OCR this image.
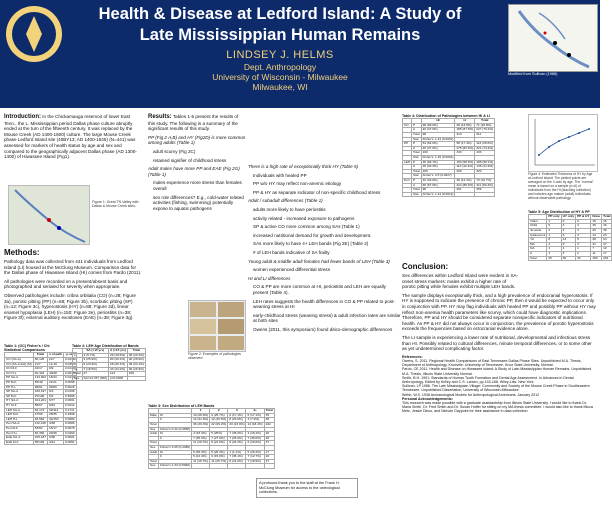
Health & Disease at Ledford Island: A Study of Late Mississippian Human Remains
LINDSEY J. HELMS
Dept. Anthropology
University of Wisconsin - Milwaukee
Milwaukee, WI
Modified from Sullivan (1986)

Introduction: In the Chickamauga reservoir of lower East Tenn., the L. Mississippian period Dallas phase culture abruptly ended at the turn of the fifteenth century. It was replaced by the Mouse Creek (AD 1400-1600) culture. The large Mouse Creek phase Ledford Island site (40BY13; AD 1400-1545) (N=441) was assessed for markers of health status by age and sex and compared to the geographically adjacent Dallas phase (AD 1300-1400) of Hiwassee Island (Fig1).

Figure 1: Great TN Valley with Dallas & Mouse Creek sites.
Methods:

Pathology data was collected from 441 individuals from Ledford Island (LI) housed at the McClung Museum. Comparison data for the Dallas phase of Hiwassee Island (HI) comes from Pardo (2011).

All pathologies were recorded on a present/absent basis and photographed and serialed for severity when appropriate.

Observed pathologies include: cribra orbitalia (CO) (n=28; Figure 3a), porotic pitting (PP) (n=58; Figure 3b), scorbutic pitting (SP) (n=12; Figure 3c), hyperostosis (HY) (n=88; Figure 3d), linear enamel hypoplasia (LEH) (n=150; Figure 3e), periostitis (n=38; Figure 3f); external auditory exostoses (EAE) (n=38; Figure 3g).

Table 1: (OC) Fisher's / Chi Statistical Comparisons
	Total	n of path	p-val
CO (SA-A)	60,126	11/7	0.0241
CO (SA-A dist) (M)	11/7	12-16	0.0357
CO M-F	42/17	9/9	0.0134
CO H-L	40,418	40/48	0.0045
PP SA-A	134,603	16/43	0.0448
PP M-F	55/48	21/21	0.0058
PP H-L	96/81	94/80	0.0029
SP SA-A	100,197	9/3	0.0196
SP M-F	97/100	0/2	0.6968
HY SA-A	104,201	6/77	0.0001
HY M-F	58/67	9/44	0.0214
LEH SA-A	62,173	32/114	0.1711
LEH M-F	47/65	28/35	0.1898
LEH H-L	83,563	42/150	0.0680
Peri SA-A	110,138	4/38	0.0086
Peri M-F	53/82	15/17	0.0678
Peri H-L	66,352	20/38	0.0460
EAE SA-A	105,187	0/38	0.0001
EAE M-F	55/102	4/21	0.0651
Table 2: LEH Age Distribution of Bands
	SA (<15 yrs)	A (>15 yrs)	Total
1	2 (5.7%)	29 (18.6%)	36 (20.4%)
2	9 (25.9%)	80 (29.1%)	46 (28.9%)
3	9 (23.9%)	28 (25.1%)	39 (24.1%)
4+	7 (18.5%)	43 (23.2%)	30 (26.9%)
Total	37	113	150
Sex	SA=14.787 (000)	p=0.0008	

Results: Tables 1-5 present the results of this study. The following is a summary of the significant results of this study.

PP (Fig 2 A,B) and HY (Fig2D) is more common among adults (Table 1)

adult scurvy (Fig 2C)

retained signifier of childhood stress

Adult males have more PP and EAE (Fig 2G) (Table 1)

males experience more stress than females overall

sex role differences? E.g., cold-water related activities (fishing, swimming) potentially expose to aquatic pathogens

There is a high rate of exceptionally thick HY (Table 5)

Individuals with healed PP

PP w/o HY may reflect non-anemic etiology

PP & HY as separate indicator of non-specific childhood stress

Adult / subadult differences (Table 1)

adults more likely to have periostitis

activity related - increased exposure to pathogens

SP & active CO more common among SAs (Table 1)

increased nutritional demand for growth and development.

SAs more likely to have 4+ LEH bands (Fig 2E) (Table 2)

# of LEH bands indicative of SA frailty

Young adult & middle adult females had fewer bands of LEH (Table 3)

women experienced differential stress

HI and LI differences

CO & PP are more common at HI, periostitis and LEH are equally present (Table 4).

LEH rates suggests the health differences in CO & PP related to post-weaning stress at HI

early-childhood stress (weaning stress) & adult infection rates are similar at both sites

Owens (2011, this symposium) found ditico-demographic differences

Figure 2: Examples of pathologies observed
Table 3: Sex Distribution of LEH Bands
		1	2	3	4+	Total
Male	M	10 (28.6%)	9 (25.7%)	6 (17.1%)	6 (17.1%)	35
	F	12 (31.6%)	12 (30.6%)	8 (23.9%)	3 (7.9%)	38
Total		36 (29.3%)	22 (29.2%)	20 (23.9%)	14 (18.4%)	102
Sex	Fisher's 0.42 (0.0658)					
Adult	M	4 (33.3%)	5 (25%)	7 (35.0%)	4 (15.4%)	20
	F	7 (35.0%)	7 (27.0%)	7 (25.0%)	7 (35.0%)	26
Total		11 (29.7%)	8 (21.6%)	9 (24.3%)	6 (20.0%)	37
Sex	Fisher's 3.05 (0.4380)					
Adult	M	6 (35.3%)	5 (29.4%)	1 (1.1%)	5 (29.4%)	17
	F	5 (24.4%)	6 (15.0%)	7 (35.1%)	7 (12.7%)	20
Total		11 (29.7%)	11 (29.7%)	8 (21.6%)	7 (18.9%)	37
Sex	Fisher's 2.33 (0.5062)					
A profound thank you to the staff at the Frank H. McClung Museum for access to the osteological collections.
Table 4: Distribution of Pathologies between HI & LI
		HI	LI	Total
CO	P	98 (99.0%)	28 (13.5%)	71 (20.8%)
	A	46 (47.0%)	185 (87.5%)	227 (79.2%)
	Total	98	213	311
	Stat	Fisher's: 1.44 (0.0001)		
PP	P	54 (52.0%)	58 (17.4%)	112 (25.6%)
	A	46 (47.0%)	275 (82.6%)	321 (74.4%)
	Total	100	333	433
	Stat	Fisher's: 1.45 (0.0001)		
LEH	P	35 (66.7%)	150 (58.6%)	185 (58.1%)
	A	26 (33.3%)	110 (42.4%)	136 (41.9%)
	Total	100	260	320
	Stat	Fisher's: 0.5 (0.4827)		
Peri	P	32 (33.0%)	38 (12.1%)	70 (16.7%)
	A	65 (67.0%)	223 (88.0%)	311 (83.3%)
	Total	98	261	359
	Stat	Fisher's: 1.44 (0.0012)		
Figure 4: Estimated Thickness of HY by Age at Ledford Island: The plotted points are averaged on the X-axis by age. The "normal" mean is based on a sample (n=6) of individuals from the HI (teaching collection) and includes age mature (adult) individuals without observable pathology.
Table 5: Age Distribution of HY & PP
	PP only	HY only	PP & HY	None	Total
Infant	1	0	0	15	16
Child	5	3	3	35	46
Juvenile	4	2	3	29	38
Adolescent	1	5	3	14	23
YA	8	13	5	38	64
MA	4	9	3	31	47
OA	1	1	1	7	10
A	1	3	2	11	17
Total	25	36	20	180	261
Conclusion:

Sex differences within Ledford Island were evident in SA-onset stress markers: males exhibit a higher rate of porotic pitting while females exhibit multiple LEH bands.

The sample displays exceptionally thick, and a high prevalence of endocranial hyperostosis. If HY is supposed to indicate the presence of chronic PP, then it would be expected to occur only in conjunction with PP. HY may flag individuals with healed PP and possibly PP without HY may reflect non-anemia health parameters like scurvy, which could have diagnostic implications. Therefore, PP and HY should be considered separate nonspecific indicators of nutritional health. As PP & HY did not always occur in conjunction, the prevalence of porotic hyperostosis exceeds the frequencies based on ectocranial evidence alone.

The LI sample is experiencing a lower rate of nutritional, developmental and infectious stress than HI. Possibly related to cultural differences, minute temporal differences, or to some other as yet undetermined complicating factor.

References:
Owens, S. 2011. Regional Health Comparisons of East Tennessee Dallas Phase Sites. Unpublished M.A. Thesis, Department of Anthropology, Knoxville: University of Tennessee, Knox State University, Normal.
Pardo, CE 2011. Health and Disease on Hiwassee Island: A Study of Late-Mississippian Human Remains. Unpublished M.A. Thesis, Illinois State University Normal.
Smith, B.H. 1991. Standards of Human Tooth Formation and Dental Age Assessment. In Advances in Dental Anthropology. Edited by Kelley and C.S. Larsen, pp.143-168. Wiley-Liss: New York.
Sullivan, LP 1986. The Late Mississippian Village: Community and Society of the Mouse Creek Phase in Southeastern Tennessee. Unpublished Dissertation, University of Wisconsin-Milwaukee.
Webb, W.S. 1938 Archaeological Models for Anthropological Americans. January 2012
Personal Acknowledgements:
This research was made possible with a graduate assistantship from Illinois State University. I would like to thank Dr. Maria Smith, Dr. Fred Smith and Dr. Susan Hoffer for sitting on my MA thesis committee. I would also like to thank Micca Metz, Jessie Dinco, and Nichole Gaypoint for their assistance in data collection.
